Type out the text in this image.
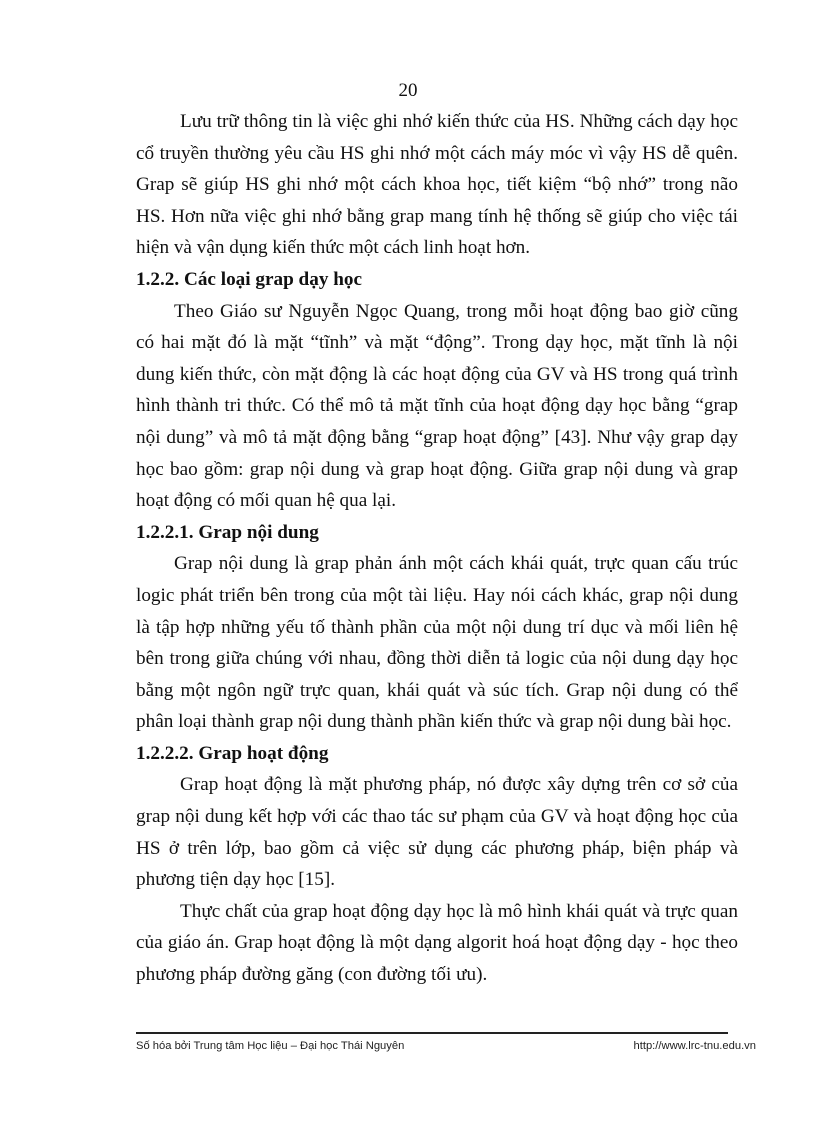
20

Lưu trữ thông tin là việc ghi nhớ kiến thức của HS. Những cách dạy học cổ truyền thường yêu cầu HS ghi nhớ một cách máy móc vì vậy HS dễ quên. Grap sẽ giúp HS ghi nhớ một cách khoa học, tiết kiệm “bộ nhớ” trong não HS. Hơn nữa việc ghi nhớ bằng grap mang tính hệ thống sẽ giúp cho việc tái hiện và vận dụng kiến thức một cách linh hoạt hơn.

1.2.2. Các loại grap dạy học

Theo Giáo sư Nguyễn Ngọc Quang, trong mỗi hoạt động bao giờ cũng có hai mặt đó là mặt “tĩnh” và mặt “động”. Trong dạy học, mặt tĩnh là nội dung kiến thức, còn mặt động là các hoạt động của GV và HS trong quá trình hình thành tri thức. Có thể mô tả mặt tĩnh của hoạt động dạy học bằng “grap nội dung” và mô tả mặt động bằng “grap hoạt động” [43]. Như vậy grap dạy học bao gồm: grap nội dung và grap hoạt động. Giữa grap nội dung và grap hoạt động có mối quan hệ qua lại.

1.2.2.1. Grap nội dung

Grap nội dung là grap phản ánh một cách khái quát, trực quan cấu trúc logic phát triển bên trong của một tài liệu. Hay nói cách khác, grap nội dung là tập hợp những yếu tố thành phần của một nội dung trí dục và mối liên hệ bên trong giữa chúng với nhau, đồng thời diễn tả logic của nội dung dạy học bằng một ngôn ngữ trực quan, khái quát và súc tích. Grap nội dung có thể phân loại thành grap nội dung thành phần kiến thức và grap nội dung bài học.

1.2.2.2. Grap hoạt động

Grap hoạt động là mặt phương pháp, nó được xây dựng trên cơ sở của grap nội dung kết hợp với các thao tác sư phạm của GV và hoạt động học của HS ở trên lớp, bao gồm cả việc sử dụng các phương pháp, biện pháp và phương tiện dạy học [15].

Thực chất của grap hoạt động dạy học là mô hình khái quát và trực quan của giáo án. Grap hoạt động là một dạng algorit hoá hoạt động dạy - học theo phương pháp đường găng (con đường tối ưu).

Số hóa bởi Trung tâm Học liệu – Đại học Thái Nguyên	http://www.lrc-tnu.edu.vn
